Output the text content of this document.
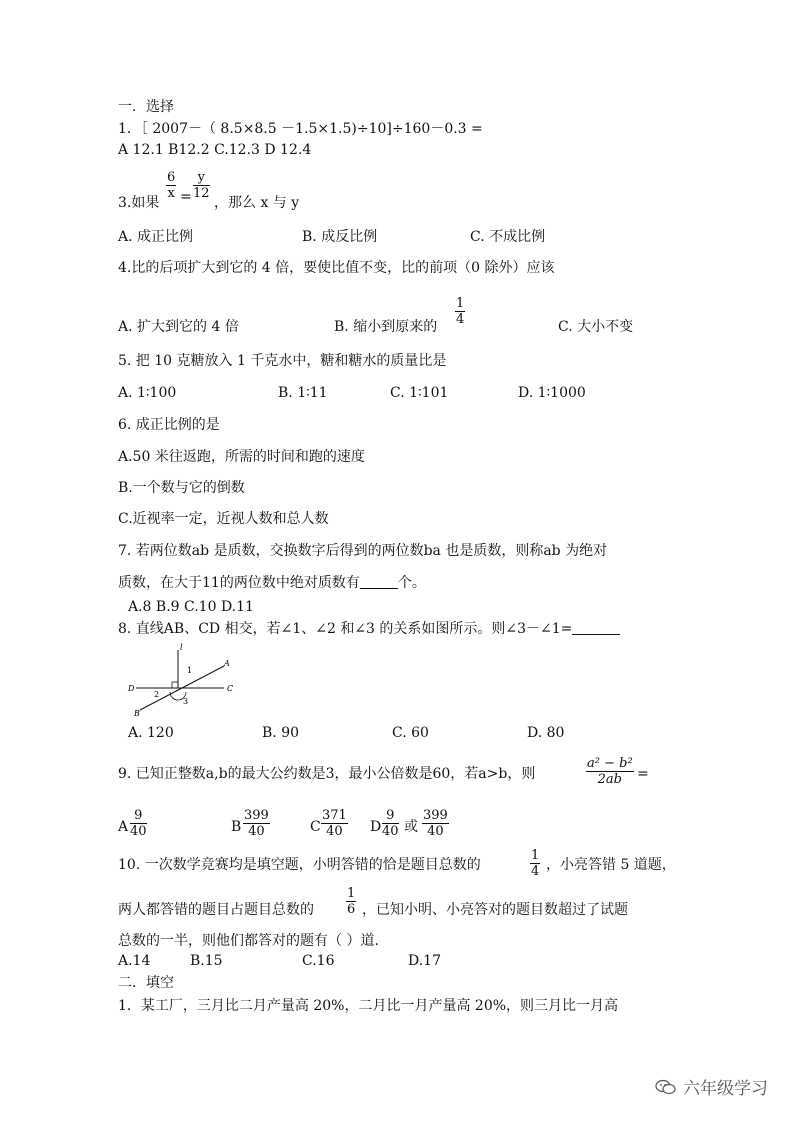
一．选择
1．［ 2007－（ 8.5×8.5 －1.5×1.5)÷10]÷160－0.3 =
A 12.1 B12.2 C.12.3 D 12.4
$\frac{6}{x} = \frac{y}{12}$
3.如果	，那么 x 与 y
A. 成正比例	B. 成反比例	C. 不成比例
4.比的后项扩大到它的 4 倍，要使比值不变，比的前项（0 除外）应该
A. 扩大到它的 4 倍	B. 缩小到原来的 $\frac{1}{4}$	C. 大小不变
5. 把 10 克糖放入 1 千克水中，糖和糖水的质量比是
A. 1∶100	B. 1∶11	C. 1∶101	D. 1∶1000
6. 成正比例的是
A.50 米往返跑，所需的时间和跑的速度
B.一个数与它的倒数
C.近视率一定，近视人数和总人数
7. 若两位数ab 是质数，交换数字后得到的两位数ba 也是质数，则称ab 为绝对
质数，在大于11的两位数中绝对质数有	个。
A.8 B.9 C.10 D.11
8. 直线AB、CD 相交，若∠1、∠2 和∠3 的关系如图所示。则∠3－∠1=
l
1
2
3
A
B
C
D
A. 120	B. 90	C. 60	D. 80
9. 已知正整数a,b的最大公约数是3，最小公倍数是60，若a>b，则	$\frac{\text{a² − b²}}{2ab}$ =
A $\frac{9}{40}$	B $\frac{399}{40}$	C $\frac{371}{40}$ D $\frac{9}{40}$ 或 $\frac{399}{40}$
10. 一次数学竞赛均是填空题，小明答错的恰是题目总数的	$\frac{1}{4}$ ，小亮答错 5 道题，
两人都答错的题目占题目总数的 $\frac{1}{6}$ ，已知小明、小亮答对的题目数超过了试题
总数的一半，则他们都答对的题有（ ）道.
A.14	B.15	C.16	D.17
二．填空
1．某工厂，三月比二月产量高 20%，二月比一月产量高 20%，则三月比一月高
六年级学习
